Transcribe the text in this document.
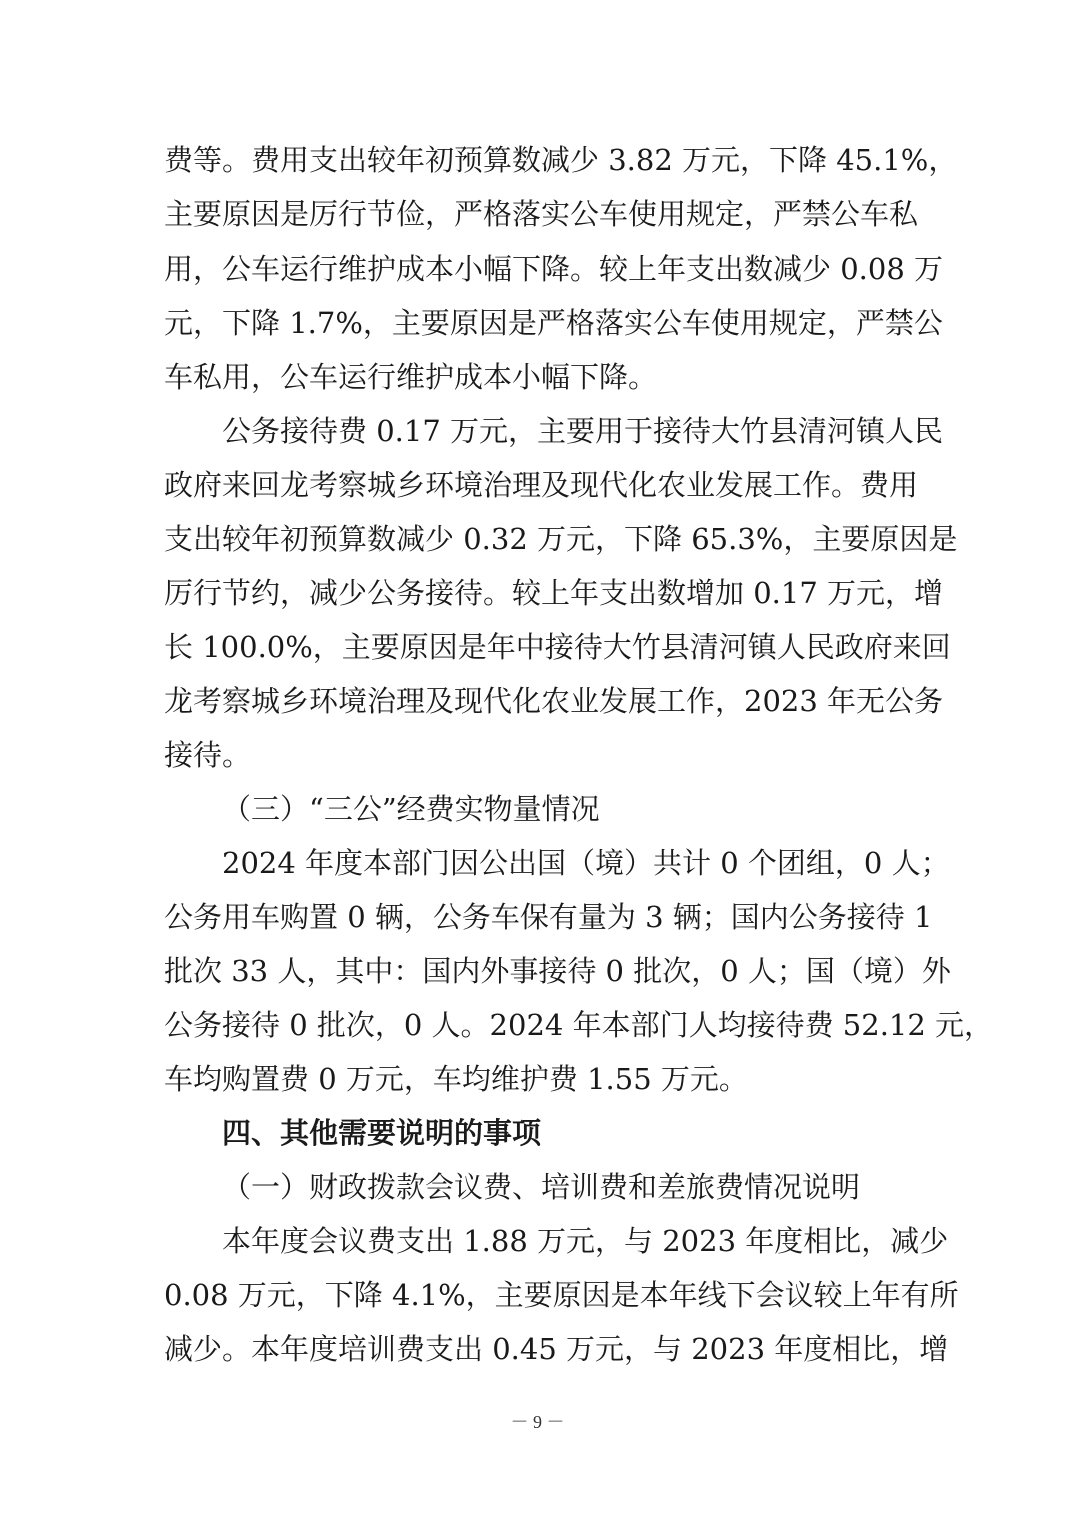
费等。费用支出较年初预算数减少 3.82 万元，下降 45.1%，
主要原因是厉行节俭，严格落实公车使用规定，严禁公车私
用，公车运行维护成本小幅下降。较上年支出数减少 0.08 万
元，下降 1.7%，主要原因是严格落实公车使用规定，严禁公
车私用，公车运行维护成本小幅下降。
公务接待费 0.17 万元，主要用于接待大竹县清河镇人民
政府来回龙考察城乡环境治理及现代化农业发展工作。费用
支出较年初预算数减少 0.32 万元，下降 65.3%，主要原因是
厉行节约，减少公务接待。较上年支出数增加 0.17 万元，增
长 100.0%，主要原因是年中接待大竹县清河镇人民政府来回
龙考察城乡环境治理及现代化农业发展工作，2023 年无公务
接待。
（三）“三公”经费实物量情况
2024 年度本部门因公出国（境）共计 0 个团组，0 人；
公务用车购置 0 辆，公务车保有量为 3 辆；国内公务接待 1
批次 33 人，其中：国内外事接待 0 批次，0 人；国（境）外
公务接待 0 批次，0 人。2024 年本部门人均接待费 52.12 元，
车均购置费 0 万元，车均维护费 1.55 万元。
四、其他需要说明的事项
（一）财政拨款会议费、培训费和差旅费情况说明
本年度会议费支出 1.88 万元，与 2023 年度相比，减少
0.08 万元，下降 4.1%，主要原因是本年线下会议较上年有所
减少。本年度培训费支出 0.45 万元，与 2023 年度相比，增
－ 9 －
